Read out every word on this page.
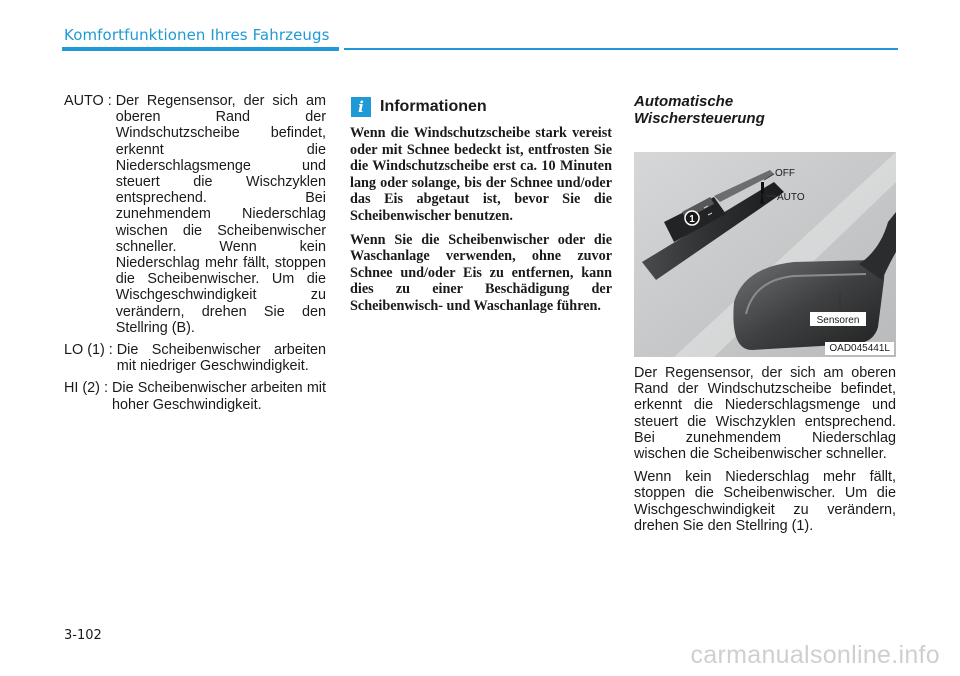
Komfortfunktionen Ihres Fahrzeugs
AUTO : Der Regensensor, der sich am oberen Rand der Windschutzscheibe befindet, erkennt die Niederschlagsmenge und steuert die Wischzyklen entsprechend. Bei zunehmendem Niederschlag wischen die Scheibenwischer schneller. Wenn kein Niederschlag mehr fällt, stoppen die Scheibenwischer. Um die Wischgeschwindigkeit zu verändern, drehen Sie den Stellring (B).
LO (1) : Die Scheibenwischer arbeiten mit niedriger Geschwindigkeit.
HI (2) : Die Scheibenwischer arbeiten mit hoher Geschwindigkeit.
i	Informationen

Wenn die Windschutzscheibe stark vereist oder mit Schnee bedeckt ist, entfrosten Sie die Windschutzscheibe erst ca. 10 Minuten lang oder solange, bis der Schnee und/oder das Eis abgetaut ist, bevor Sie die Scheibenwischer benutzen.

Wenn Sie die Scheibenwischer oder die Waschanlage verwenden, ohne zuvor Schnee und/oder Eis zu entfernen, kann dies zu einer Beschädigung der Scheibenwisch- und Waschanlage führen.

Automatische
Wischersteuerung
1
OFF
AUTO
Sensoren
OAD045441L

Der Regensensor, der sich am oberen Rand der Windschutzscheibe befindet, erkennt die Niederschlagsmenge und steuert die Wischzyklen entsprechend. Bei zunehmendem Niederschlag wischen die Scheibenwischer schneller.

Wenn kein Niederschlag mehr fällt, stoppen die Scheibenwischer. Um die Wischgeschwindigkeit zu verändern, drehen Sie den Stellring (1).

3-102
carmanualsonline.info
